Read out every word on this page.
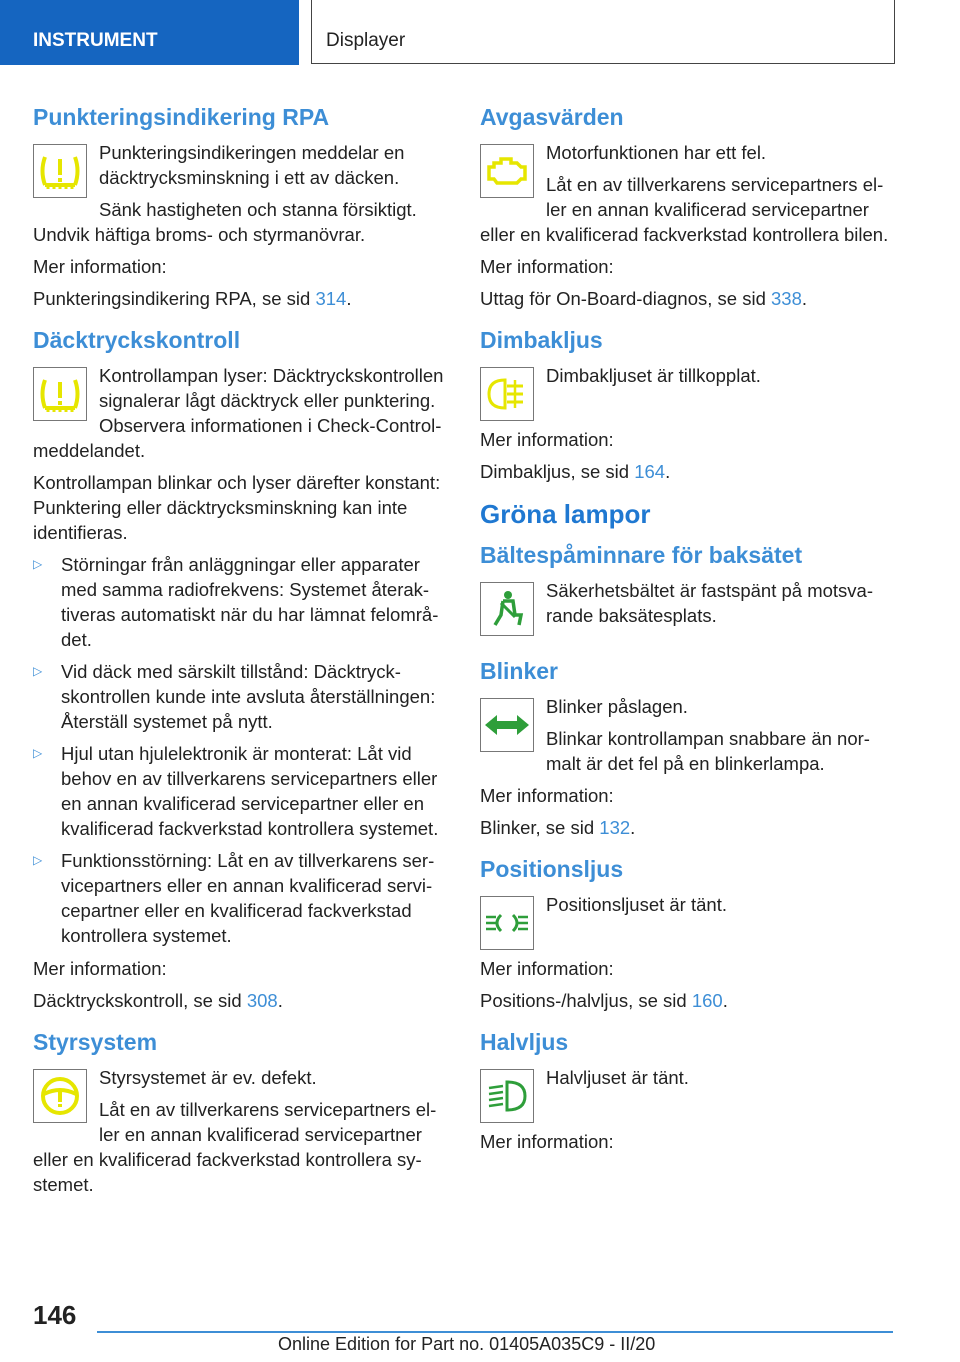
INSTRUMENT	Displayer
Punkteringsindikering RPA

Punkteringsindikeringen meddelar en däcktrycksminskning i ett av däcken.

Sänk hastigheten och stanna försiktigt. Undvik häftiga broms- och styrmanövrar.

Mer information:

Punkteringsindikering RPA, se sid 314.

Däcktryckskontroll

Kontrollampan lyser: Däcktryckskontrollen signalerar lågt däcktryck eller punktering. Observera informationen i Check-Control-meddelandet.

Kontrollampan blinkar och lyser därefter konstant: Punktering eller däcktrycksminskning kan inte identifieras.

▷ Störningar från anläggningar eller apparater med samma radiofrekvens: Systemet återaktiveras automatiskt när du har lämnat felområdet.
▷ Vid däck med särskilt tillstånd: Däcktryckskontrollen kunde inte avsluta återställningen: Återställ systemet på nytt.
▷ Hjul utan hjulelektronik är monterat: Låt vid behov en av tillverkarens servicepartners eller en annan kvalificerad servicepartner eller en kvalificerad fackverkstad kontrollera systemet.
▷ Funktionsstörning: Låt en av tillverkarens servicepartners eller en annan kvalificerad servicepartner eller en kvalificerad fackverkstad kontrollera systemet.

Mer information:

Däcktryckskontroll, se sid 308.

Styrsystem

Styrsystemet är ev. defekt.

Låt en av tillverkarens servicepartners eller en annan kvalificerad servicepartner eller en kvalificerad fackverkstad kontrollera systemet.

Avgasvärden

Motorfunktionen har ett fel.

Låt en av tillverkarens servicepartners eller en annan kvalificerad servicepartner eller en kvalificerad fackverkstad kontrollera bilen.

Mer information:

Uttag för On-Board-diagnos, se sid 338.

Dimbakljus

Dimbakljuset är tillkopplat.

Mer information:

Dimbakljus, se sid 164.

Gröna lampor
Bältespåminnare för baksätet

Säkerhetsbältet är fastspänt på motsvarande baksätesplats.

Blinker

Blinker påslagen.

Blinkar kontrollampan snabbare än normalt är det fel på en blinkerlampa.

Mer information:

Blinker, se sid 132.

Positionsljus

Positionsljuset är tänt.

Mer information:

Positions-/halvljus, se sid 160.

Halvljus

Halvljuset är tänt.

Mer information:

146
Online Edition for Part no. 01405A035C9 - II/20
